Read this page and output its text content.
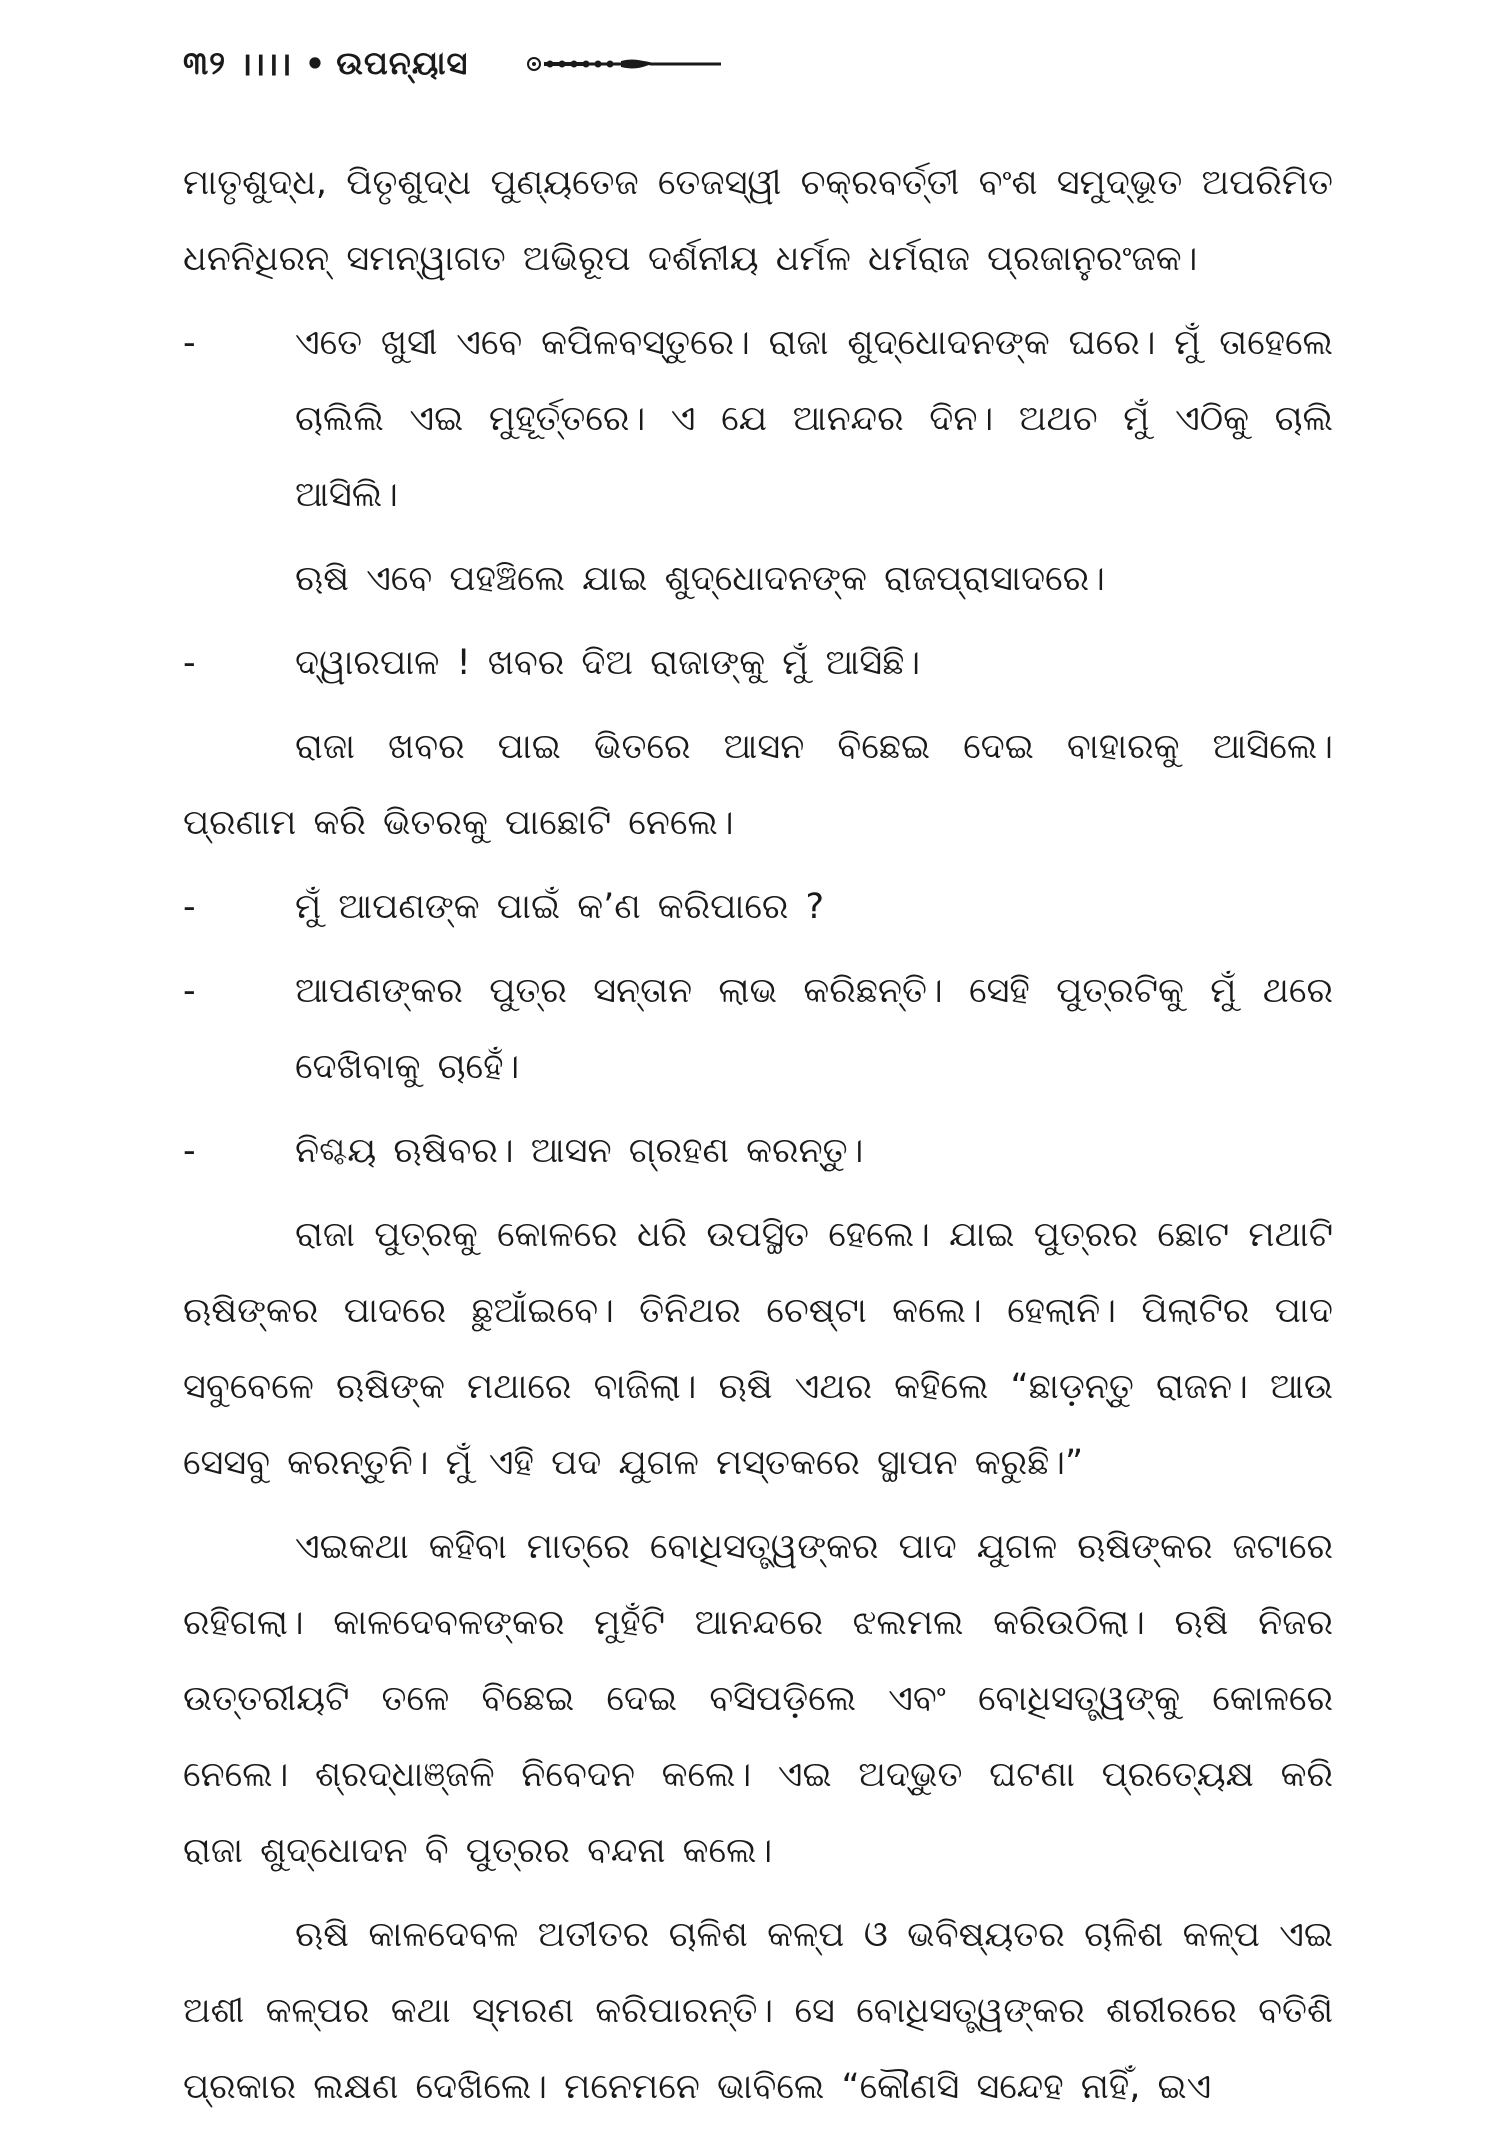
୩୨ ।।।। • ଉପନ୍ୟାସ

ମାତୃଶୁଦ୍ଧ, ପିତୃଶୁଦ୍ଧ ପୁଣ୍ୟତେଜ ତେଜସ୍ୱୀ ଚକ୍ରବର୍ତ୍ତୀ ବଂଶ ସମୁଦ୍ଭୂତ ଅପରିମିତ ଧନନିଧିରନ୍ ସମନ୍ୱାଗତ ଅଭିରୂପ ଦର୍ଶନୀୟ ଧର୍ମଳ ଧର୍ମରାଜ ପ୍ରଜାନୁରଂଜକ।

-	ଏତେ ଖୁସୀ ଏବେ କପିଳବସ୍ତୁରେ। ରାଜା ଶୁଦ୍ଧୋଦନଙ୍କ ଘରେ। ମୁଁ ତାହେଲେ ଚାଲିଲି ଏଇ ମୁହୂର୍ତ୍ତରେ। ଏ ଯେ ଆନନ୍ଦର ଦିନ। ଅଥଚ ମୁଁ ଏଠିକୁ ଚାଲି ଆସିଲି।

ଋଷି ଏବେ ପହଞ୍ଚିଲେ ଯାଇ ଶୁଦ୍ଧୋଦନଙ୍କ ରାଜପ୍ରାସାଦରେ।

-	ଦ୍ୱାରପାଳ ! ଖବର ଦିଅ ରାଜାଙ୍କୁ ମୁଁ ଆସିଛି।

ରାଜା ଖବର ପାଇ ଭିତରେ ଆସନ ବିଛେଇ ଦେଇ ବାହାରକୁ ଆସିଲେ। ପ୍ରଣାମ କରି ଭିତରକୁ ପାଛୋଟି ନେଲେ।

-	ମୁଁ ଆପଣଙ୍କ ପାଇଁ କ’ଣ କରିପାରେ ?
-	ଆପଣଙ୍କର ପୁତ୍ର ସନ୍ତାନ ଲାଭ କରିଛନ୍ତି। ସେହି ପୁତ୍ରଟିକୁ ମୁଁ ଥରେ ଦେଖିବାକୁ ଚାହେଁ।
-	ନିଶ୍ଚୟ ଋଷିବର। ଆସନ ଗ୍ରହଣ କରନ୍ତୁ।

ରାଜା ପୁତ୍ରକୁ କୋଳରେ ଧରି ଉପସ୍ଥିତ ହେଲେ। ଯାଇ ପୁତ୍ରର ଛୋଟ ମଥାଟି ଋଷିଙ୍କର ପାଦରେ ଛୁଆଁଇବେ। ତିନିଥର ଚେଷ୍ଟା କଲେ। ହେଲାନି। ପିଲାଟିର ପାଦ ସବୁବେଳେ ଋଷିଙ୍କ ମଥାରେ ବାଜିଲା। ଋଷି ଏଥର କହିଲେ “ଛାଡ଼ନ୍ତୁ ରାଜନ। ଆଉ ସେସବୁ କରନ୍ତୁନି। ମୁଁ ଏହି ପଦ ଯୁଗଳ ମସ୍ତକରେ ସ୍ଥାପନ କରୁଛି।”

ଏଇକଥା କହିବା ମାତ୍ରେ ବୋଧିସତ୍ତ୍ୱଙ୍କର ପାଦ ଯୁଗଳ ଋଷିଙ୍କର ଜଟାରେ ରହିଗଲା। କାଳଦେବଳଙ୍କର ମୁହଁଟି ଆନନ୍ଦରେ ଝଲମଲ କରିଉଠିଲା। ଋଷି ନିଜର ଉତ୍ତରୀୟଟି ତଳେ ବିଛେଇ ଦେଇ ବସିପଡ଼ିଲେ ଏବଂ ବୋଧିସତ୍ତ୍ୱଙ୍କୁ କୋଳରେ ନେଲେ। ଶ୍ରଦ୍ଧାଞ୍ଜଳି ନିବେଦନ କଲେ। ଏଇ ଅଦ୍ଭୁତ ଘଟଣା ପ୍ରତ୍ୟେକ୍ଷ କରି ରାଜା ଶୁଦ୍ଧୋଦନ ବି ପୁତ୍ରର ବନ୍ଦନା କଲେ।

ଋଷି କାଳଦେବଳ ଅତୀତର ଚାଳିଶ କଳ୍ପ ଓ ଭବିଷ୍ୟତର ଚାଳିଶ କଳ୍ପ ଏଇ ଅଶୀ କଳ୍ପର କଥା ସ୍ମରଣ କରିପାରନ୍ତି। ସେ ବୋଧିସତ୍ତ୍ୱଙ୍କର ଶରୀରରେ ବତିଶି ପ୍ରକାର ଲକ୍ଷଣ ଦେଖିଲେ। ମନେମନେ ଭାବିଲେ “କୌଣସି ସନ୍ଦେହ ନାହିଁ, ଇଏ
